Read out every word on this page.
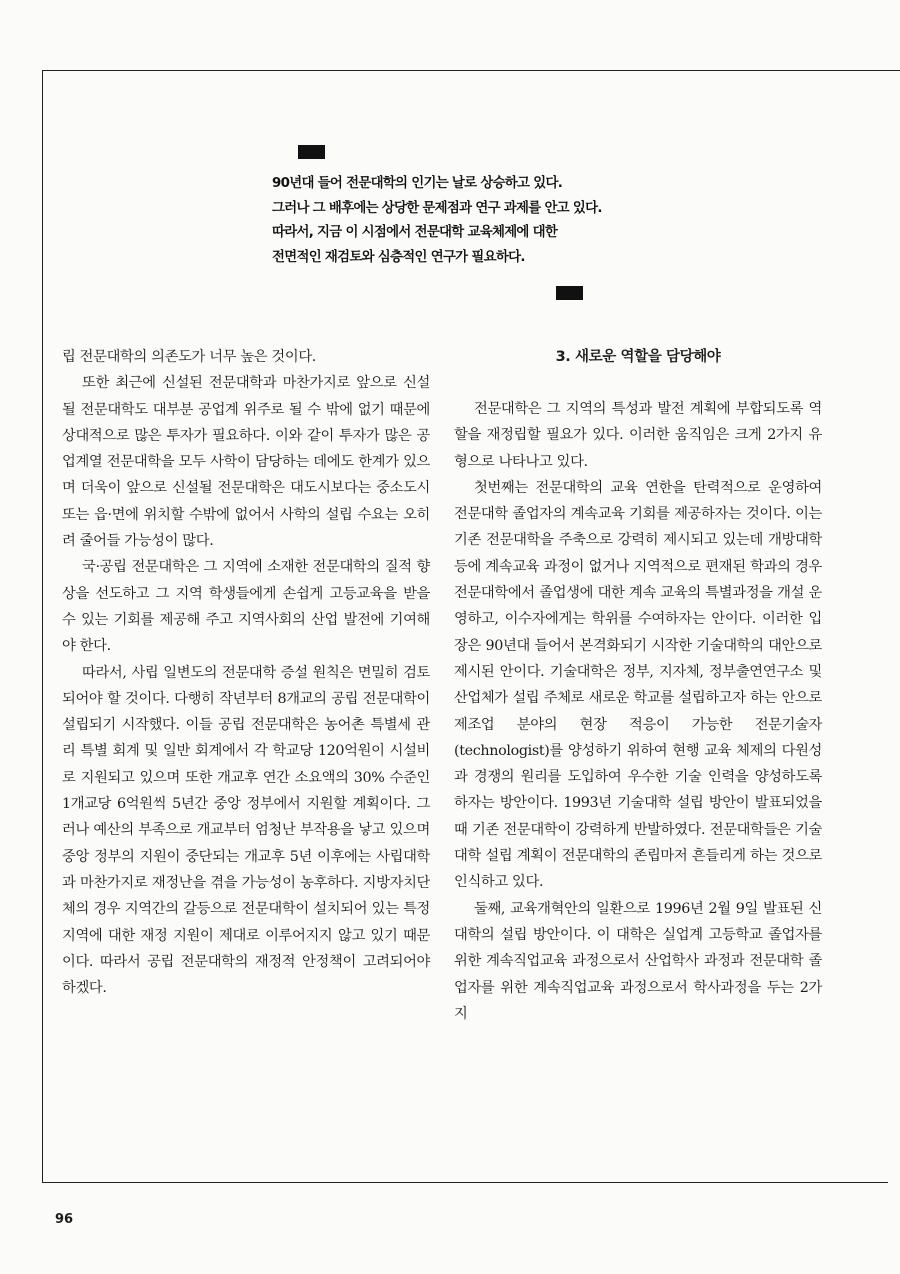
90년대 들어 전문대학의 인기는 날로 상승하고 있다.
그러나 그 배후에는 상당한 문제점과 연구 과제를 안고 있다.
따라서, 지금 이 시점에서 전문대학 교육체제에 대한
전면적인 재검토와 심층적인 연구가 필요하다.

립 전문대학의 의존도가 너무 높은 것이다.

또한 최근에 신설된 전문대학과 마찬가지로 앞으로 신설될 전문대학도 대부분 공업계 위주로 될 수 밖에 없기 때문에 상대적으로 많은 투자가 필요하다. 이와 같이 투자가 많은 공업계열 전문대학을 모두 사학이 담당하는 데에도 한계가 있으며 더욱이 앞으로 신설될 전문대학은 대도시보다는 중소도시 또는 읍·면에 위치할 수밖에 없어서 사학의 설립 수요는 오히려 줄어들 가능성이 많다.

국·공립 전문대학은 그 지역에 소재한 전문대학의 질적 향상을 선도하고 그 지역 학생들에게 손쉽게 고등교육을 받을 수 있는 기회를 제공해 주고 지역사회의 산업 발전에 기여해야 한다.

따라서, 사립 일변도의 전문대학 증설 원칙은 면밀히 검토되어야 할 것이다. 다행히 작년부터 8개교의 공립 전문대학이 설립되기 시작했다. 이들 공립 전문대학은 농어촌 특별세 관리 특별 회계 및 일반 회계에서 각 학교당 120억원이 시설비로 지원되고 있으며 또한 개교후 연간 소요액의 30% 수준인 1개교당 6억원씩 5년간 중앙 정부에서 지원할 계획이다. 그러나 예산의 부족으로 개교부터 엄청난 부작용을 낳고 있으며 중앙 정부의 지원이 중단되는 개교후 5년 이후에는 사립대학과 마찬가지로 재정난을 겪을 가능성이 농후하다. 지방자치단체의 경우 지역간의 갈등으로 전문대학이 설치되어 있는 특정지역에 대한 재정 지원이 제대로 이루어지지 않고 있기 때문이다. 따라서 공립 전문대학의 재정적 안정책이 고려되어야 하겠다.

3. 새로운 역할을 담당해야

전문대학은 그 지역의 특성과 발전 계획에 부합되도록 역할을 재정립할 필요가 있다. 이러한 움직임은 크게 2가지 유형으로 나타나고 있다.

첫번째는 전문대학의 교육 연한을 탄력적으로 운영하여 전문대학 졸업자의 계속교육 기회를 제공하자는 것이다. 이는 기존 전문대학을 주축으로 강력히 제시되고 있는데 개방대학 등에 계속교육 과정이 없거나 지역적으로 편재된 학과의 경우 전문대학에서 졸업생에 대한 계속 교육의 특별과정을 개설 운영하고, 이수자에게는 학위를 수여하자는 안이다. 이러한 입장은 90년대 들어서 본격화되기 시작한 기술대학의 대안으로 제시된 안이다. 기술대학은 정부, 지자체, 정부출연연구소 및 산업체가 설립 주체로 새로운 학교를 설립하고자 하는 안으로 제조업 분야의 현장 적응이 가능한 전문기술자(technologist)를 양성하기 위하여 현행 교육 체제의 다원성과 경쟁의 원리를 도입하여 우수한 기술 인력을 양성하도록 하자는 방안이다. 1993년 기술대학 설립 방안이 발표되었을 때 기존 전문대학이 강력하게 반발하였다. 전문대학들은 기술대학 설립 계획이 전문대학의 존립마저 흔들리게 하는 것으로 인식하고 있다.

둘째, 교육개혁안의 일환으로 1996년 2월 9일 발표된 신대학의 설립 방안이다. 이 대학은 실업계 고등학교 졸업자를 위한 계속직업교육 과정으로서 산업학사 과정과 전문대학 졸업자를 위한 계속직업교육 과정으로서 학사과정을 두는 2가지

96
